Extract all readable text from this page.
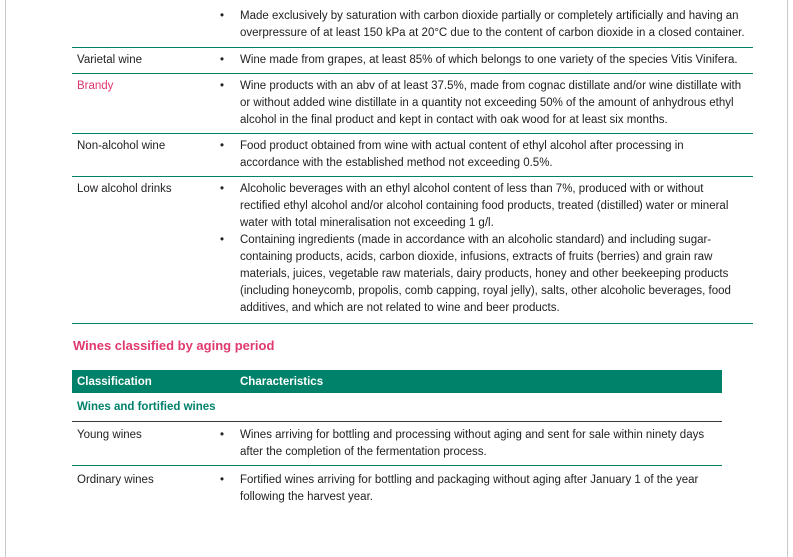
•	Made exclusively by saturation with carbon dioxide partially or completely artificially and having an overpressure of at least 150 kPa at 20°C due to the content of carbon dioxide in a closed container.
Varietal wine	•	Wine made from grapes, at least 85% of which belongs to one variety of the species Vitis Vinifera.
Brandy	•	Wine products with an abv of at least 37.5%, made from cognac distillate and/or wine distillate with or without added wine distillate in a quantity not exceeding 50% of the amount of anhydrous ethyl alcohol in the final product and kept in contact with oak wood for at least six months.
Non-alcohol wine	•	Food product obtained from wine with actual content of ethyl alcohol after processing in accordance with the established method not exceeding 0.5%.
Low alcohol drinks	•	Alcoholic beverages with an ethyl alcohol content of less than 7%, produced with or without rectified ethyl alcohol and/or alcohol containing food products, treated (distilled) water or mineral water with total mineralisation not exceeding 1 g/l.
•	Containing ingredients (made in accordance with an alcoholic standard) and including sugar-containing products, acids, carbon dioxide, infusions, extracts of fruits (berries) and grain raw materials, juices, vegetable raw materials, dairy products, honey and other beekeeping products (including honeycomb, propolis, comb capping, royal jelly), salts, other alcoholic beverages, food additives, and which are not related to wine and beer products.
Wines classified by aging period
Classification	Characteristics
Wines and fortified wines
Young wines	•	Wines arriving for bottling and processing without aging and sent for sale within ninety days after the completion of the fermentation process.
Ordinary wines	•	Fortified wines arriving for bottling and packaging without aging after January 1 of the year following the harvest year.
